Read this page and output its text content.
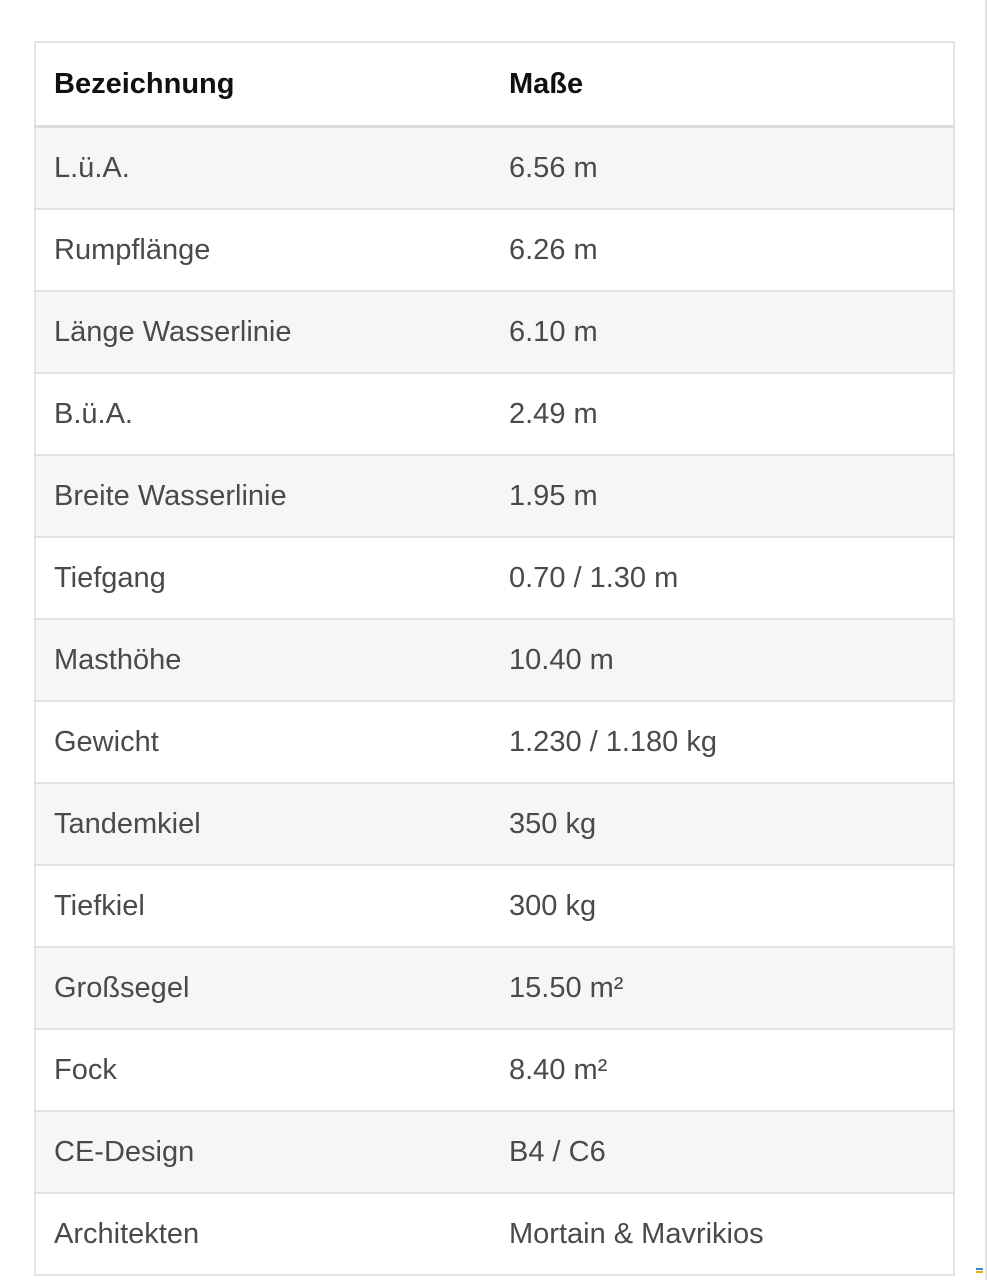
Bezeichnung	Maße
L.ü.A.	6.56 m
Rumpflänge	6.26 m
Länge Wasserlinie	6.10 m
B.ü.A.	2.49 m
Breite Wasserlinie	1.95 m
Tiefgang	0.70 / 1.30 m
Masthöhe	10.40 m
Gewicht	1.230 / 1.180 kg
Tandemkiel	350 kg
Tiefkiel	300 kg
Großsegel	15.50 m²
Fock	8.40 m²
CE-Design	B4 / C6
Architekten	Mortain & Mavrikios
